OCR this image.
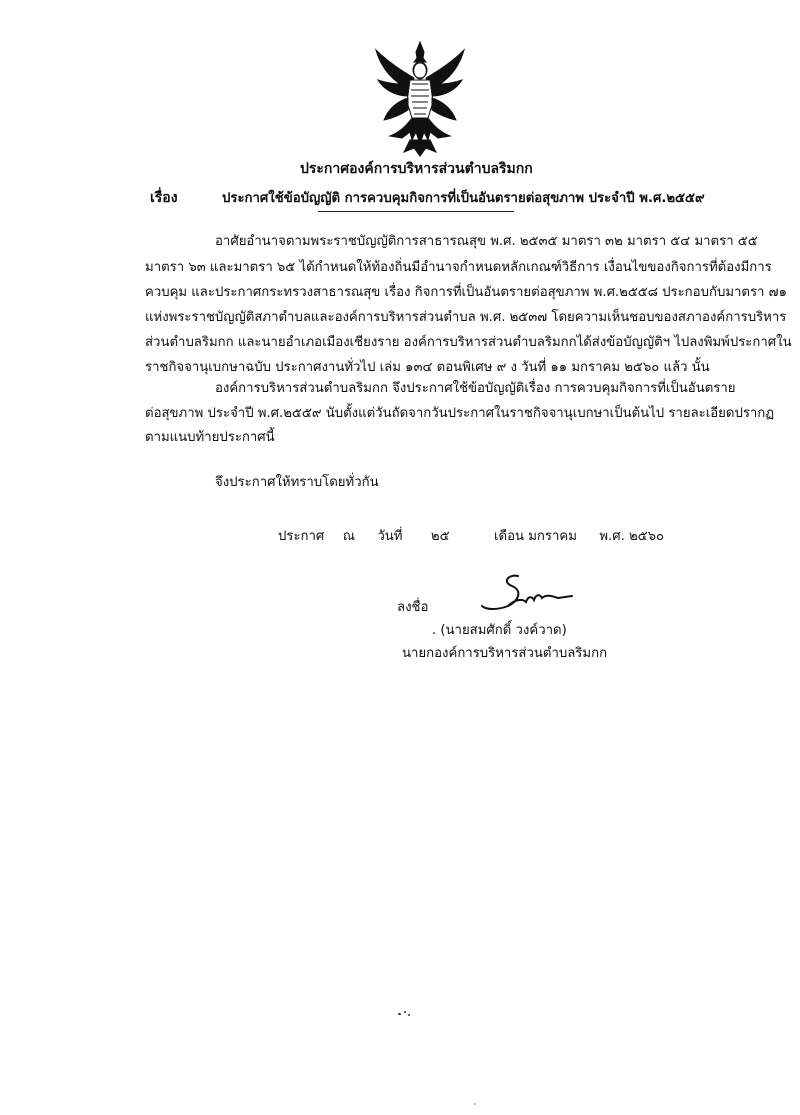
ประกาศองค์การบริหารส่วนตำบลริมกก
เรื่อง	ประกาศใช้ข้อบัญญัติ การควบคุมกิจการที่เป็นอันตรายต่อสุขภาพ ประจำปี พ.ศ.๒๕๕๙
อาศัยอำนาจตามพระราชบัญญัติการสาธารณสุข พ.ศ. ๒๕๓๕ มาตรา ๓๒ มาตรา ๕๔ มาตรา ๕๕
มาตรา ๖๓ และมาตรา ๖๕ ได้กำหนดให้ท้องถิ่นมีอำนาจกำหนดหลักเกณฑ์วิธีการ เงื่อนไขของกิจการที่ต้องมีการ
ควบคุม และประกาศกระทรวงสาธารณสุข เรื่อง กิจการที่เป็นอันตรายต่อสุขภาพ พ.ศ.๒๕๕๘ ประกอบกับมาตรา ๗๑
แห่งพระราชบัญญัติสภาตำบลและองค์การบริหารส่วนตำบล พ.ศ. ๒๕๓๗ โดยความเห็นชอบของสภาองค์การบริหาร
ส่วนตำบลริมกก และนายอำเภอเมืองเชียงราย องค์การบริหารส่วนตำบลริมกกได้ส่งข้อบัญญัติฯ ไปลงพิมพ์ประกาศใน
ราชกิจจานุเบกษาฉบับ ประกาศงานทั่วไป เล่ม ๑๓๔ ตอนพิเศษ ๙ ง วันที่ ๑๑ มกราคม ๒๕๖๐ แล้ว นั้น
องค์การบริหารส่วนตำบลริมกก จึงประกาศใช้ข้อบัญญัติเรื่อง การควบคุมกิจการที่เป็นอันตราย
ต่อสุขภาพ ประจำปี พ.ศ.๒๕๕๙ นับตั้งแต่วันถัดจากวันประกาศในราชกิจจานุเบกษาเป็นต้นไป รายละเอียดปรากฏ
ตามแนบท้ายประกาศนี้
จึงประกาศให้ทราบโดยทั่วกัน
ประกาศ ณ วันที่ ๒๕	เดือน มกราคม พ.ศ. ๒๕๖๐
ลงชื่อ
. (นายสมศักดิ์ วงค์วาด)
นายกองค์การบริหารส่วนตำบลริมกก
